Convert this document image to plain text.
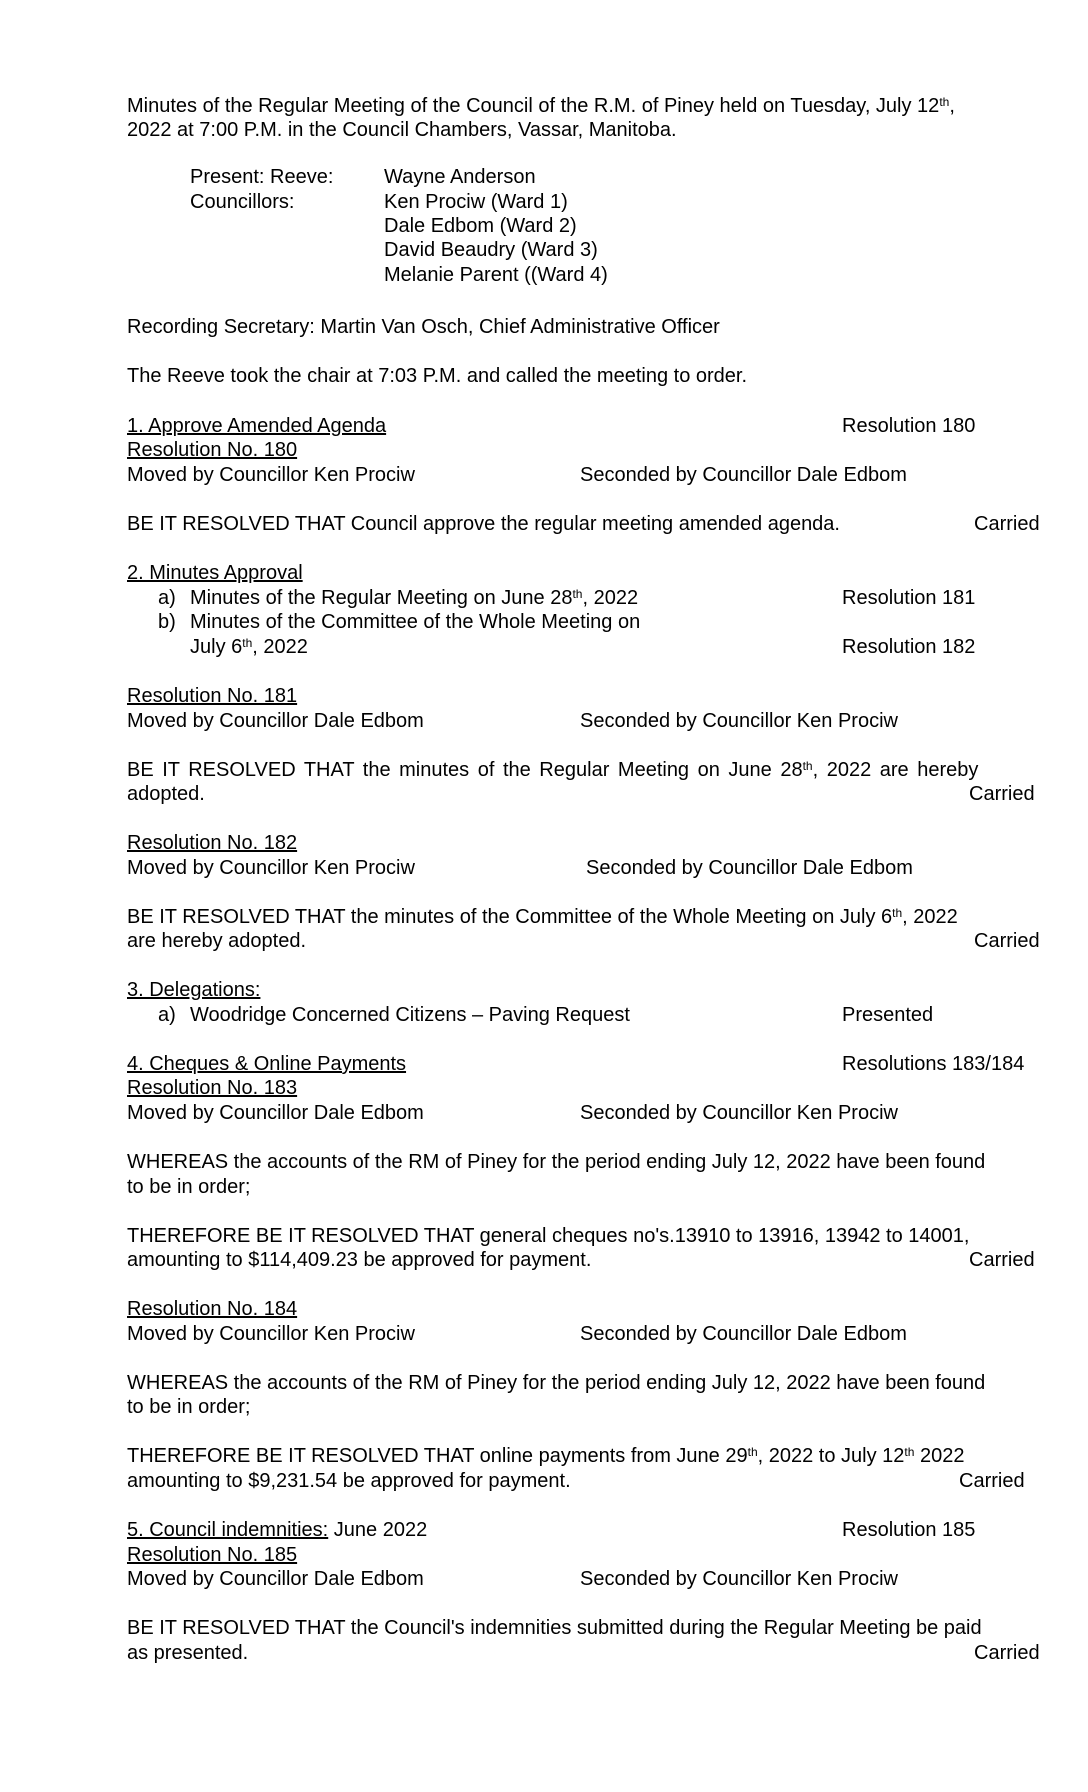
Minutes of the Regular Meeting of the Council of the R.M. of Piney held on Tuesday, July 12th,
2022 at 7:00 P.M. in the Council Chambers, Vassar, Manitoba.
Present: Reeve:	Wayne Anderson
Councillors:	Ken Prociw (Ward 1)
Dale Edbom (Ward 2)
David Beaudry (Ward 3)
Melanie Parent ((Ward 4)
Recording Secretary: Martin Van Osch, Chief Administrative Officer
The Reeve took the chair at 7:03 P.M. and called the meeting to order.
1. Approve Amended Agenda	Resolution 180
Resolution No. 180
Moved by Councillor Ken Prociw	Seconded by Councillor Dale Edbom
BE IT RESOLVED THAT Council approve the regular meeting amended agenda.	Carried
2. Minutes Approval
a) Minutes of the Regular Meeting on June 28th, 2022	Resolution 181
b) Minutes of the Committee of the Whole Meeting on
July 6th, 2022	Resolution 182
Resolution No. 181
Moved by Councillor Dale Edbom	Seconded by Councillor Ken Prociw
BE IT RESOLVED THAT the minutes of the Regular Meeting on June 28th, 2022 are hereby
adopted.	Carried
Resolution No. 182
Moved by Councillor Ken Prociw	Seconded by Councillor Dale Edbom
BE IT RESOLVED THAT the minutes of the Committee of the Whole Meeting on July 6th, 2022
are hereby adopted.	Carried
3. Delegations:
a) Woodridge Concerned Citizens – Paving Request	Presented
4. Cheques & Online Payments	Resolutions 183/184
Resolution No. 183
Moved by Councillor Dale Edbom	Seconded by Councillor Ken Prociw
WHEREAS the accounts of the RM of Piney for the period ending July 12, 2022 have been found
to be in order;
THEREFORE BE IT RESOLVED THAT general cheques no's.13910 to 13916, 13942 to 14001,
amounting to $114,409.23 be approved for payment.	Carried
Resolution No. 184
Moved by Councillor Ken Prociw	Seconded by Councillor Dale Edbom
WHEREAS the accounts of the RM of Piney for the period ending July 12, 2022 have been found
to be in order;
THEREFORE BE IT RESOLVED THAT online payments from June 29th, 2022 to July 12th 2022
amounting to $9,231.54 be approved for payment.	Carried
5. Council indemnities: June 2022	Resolution 185
Resolution No. 185
Moved by Councillor Dale Edbom	Seconded by Councillor Ken Prociw
BE IT RESOLVED THAT the Council's indemnities submitted during the Regular Meeting be paid
as presented.	Carried
